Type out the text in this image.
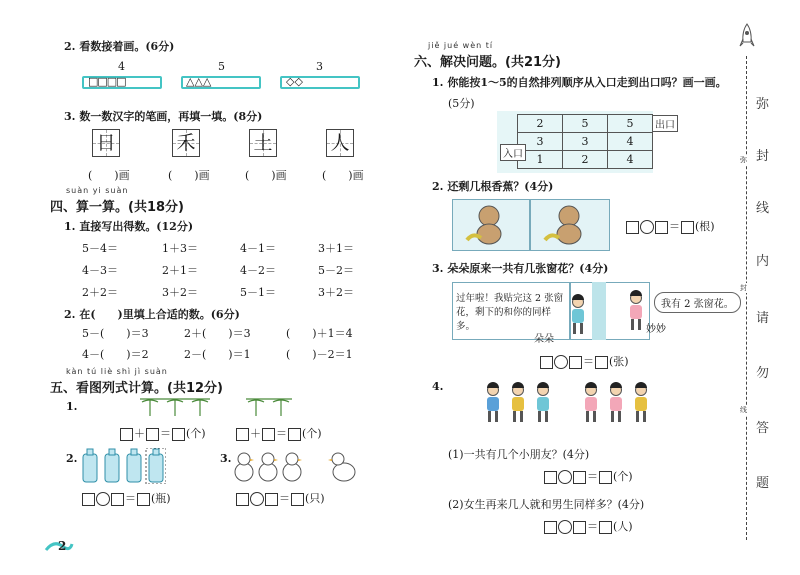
2. 看数接着画。(6分)
4	5	3
□□□□	△△△	◇◇
3. 数一数汉字的笔画，再填一填。(8分)
日	禾	土	人
(　　)画	(　　)画	(　　)画	(　　)画
suàn yi suàn
四、算一算。(共18分)
1. 直接写出得数。(12分)
5－4＝	1＋3＝	4－1＝	3＋1＝
4－3＝	2＋1＝	4－2＝	5－2＝
2＋2＝	3＋2＝	5－1＝	3＋2＝
2. 在(　　)里填上合适的数。(6分)
5－(　　)＝3	2＋(　　)＝3	(　　)＋1＝4
4－(　　)＝2	2－(　　)＝1	(　　)－2＝1
kàn tú liè shì jì suàn
五、看图列式计算。(共12分)
1.
＋ ＝ (个)	＋ ＝ (个)
2.
＝ (瓶)
3.
＝ (只)
2
jiě jué wèn tí
六、解决问题。(共21分)
1. 你能按1～5的自然排列顺序从入口走到出口吗？画一画。
(5分)
2	5	5
3	3	4
1	2	4
入口
出口
2. 还剩几根香蕉？(4分)
＝ (根)
3. 朵朵原来一共有几张窗花？(4分)
过年啦！我贴完这 2 张窗花，剩下的和你的同样多。
我有 2 张窗花。
朵朵
妙妙
＝ (张)
4.
(1)一共有几个小朋友？(4分)
＝ (个)
(2)女生再来几人就和男生同样多？(4分)
＝ (人)
弥
封
线
内
请
勿
答
题
弥
封
线
